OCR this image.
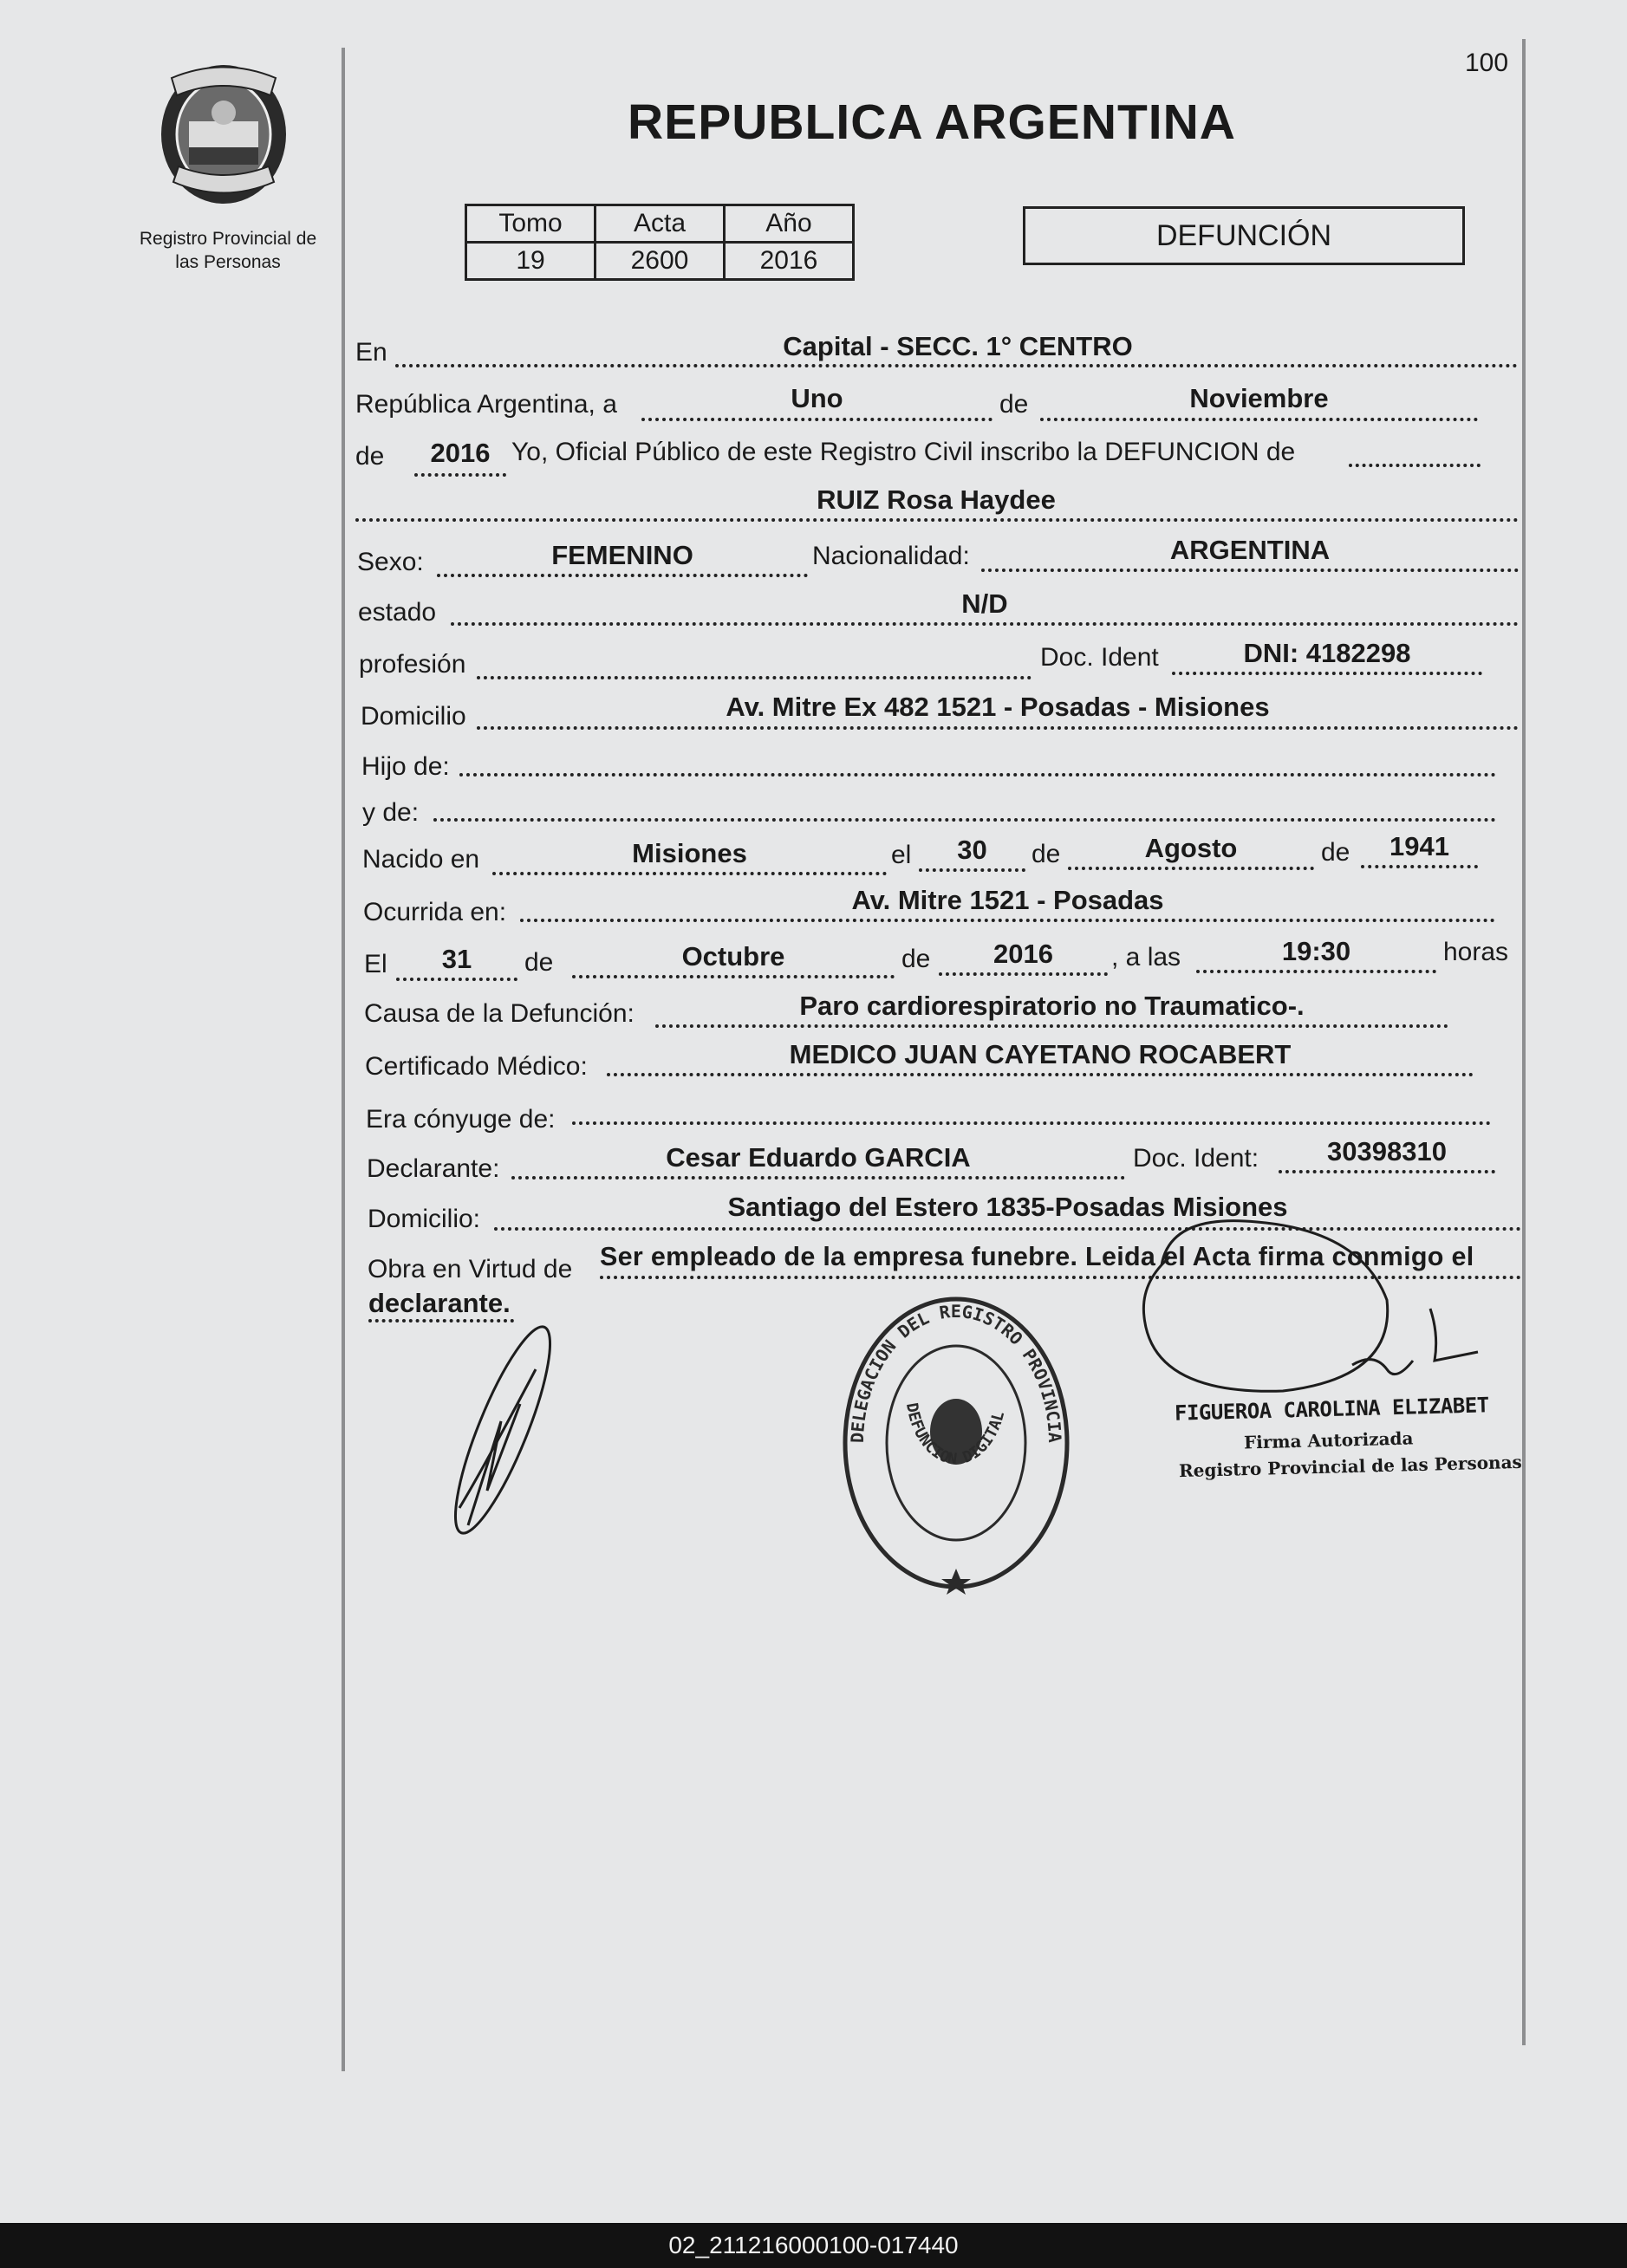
100
Registro Provincial de las Personas
REPUBLICA ARGENTINA
Tomo	Acta	Año
19	2600	2016
DEFUNCIÓN
En	Capital - SECC. 1° CENTRO
República Argentina, a	Uno	de	Noviembre
de	2016 Yo, Oficial Público de este Registro Civil inscribo la DEFUNCION de
RUIZ Rosa Haydee
Sexo:	FEMENINO	Nacionalidad:	ARGENTINA
estado	N/D
profesión	Doc. Ident	DNI: 4182298
Domicilio	Av. Mitre Ex 482 1521 - Posadas - Misiones
Hijo de:
y de:
Nacido en	Misiones	el	30	de	Agosto	de	1941
Ocurrida en:	Av. Mitre 1521 - Posadas
El	31	de	Octubre	de	2016	, a las	19:30	horas
Causa de la Defunción:	Paro cardiorespiratorio no Traumatico-.
Certificado Médico:	MEDICO JUAN CAYETANO ROCABERT
Era cónyuge de:
Declarante:	Cesar Eduardo GARCIA	Doc. Ident:	30398310
Domicilio:	Santiago del Estero 1835-Posadas Misiones
Obra en Virtud de Ser empleado de la empresa funebre. Leida el Acta firma conmigo el
declarante.
DELEGACION DEL REGISTRO PROVINCIA
DEFUNCION DIGITAL	FIGUEROA CAROLINA ELIZABET
Firma Autorizada
Registro Provincial de las Personas
02_211216000100-017440
